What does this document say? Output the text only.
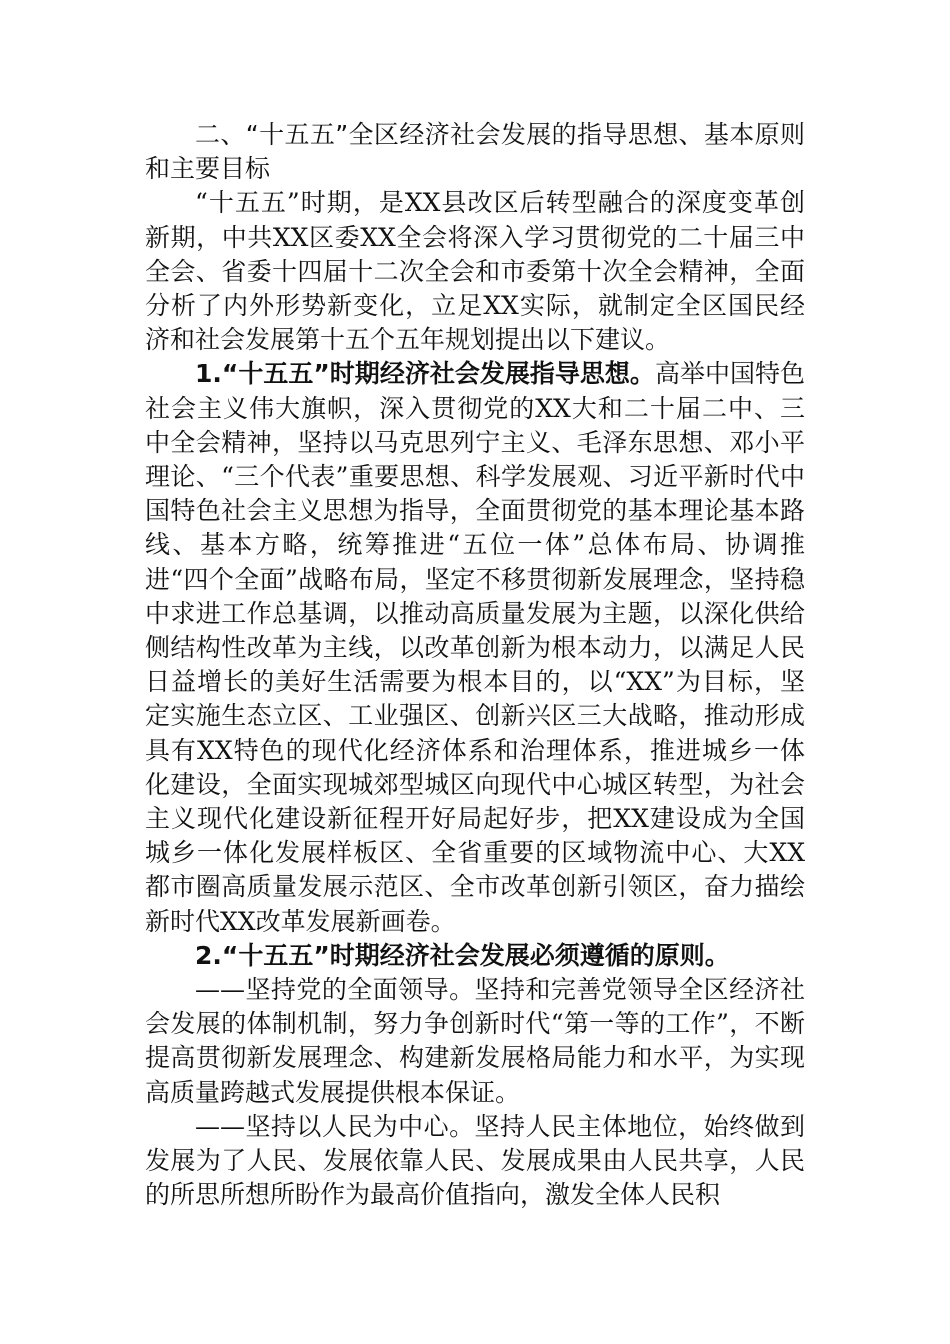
二、“十五五”全区经济社会发展的指导思想、基本原则和主要目标

“十五五”时期，是XX县改区后转型融合的深度变革创新期，中共XX区委XX全会将深入学习贯彻党的二十届三中全会、省委十四届十二次全会和市委第十次全会精神，全面分析了内外形势新变化，立足XX实际，就制定全区国民经济和社会发展第十五个五年规划提出以下建议。

1.“十五五”时期经济社会发展指导思想。高举中国特色社会主义伟大旗帜，深入贯彻党的XX大和二十届二中、三中全会精神，坚持以马克思列宁主义、毛泽东思想、邓小平理论、“三个代表”重要思想、科学发展观、习近平新时代中国特色社会主义思想为指导，全面贯彻党的基本理论基本路线、基本方略，统筹推进“五位一体”总体布局、协调推进“四个全面”战略布局，坚定不移贯彻新发展理念，坚持稳中求进工作总基调，以推动高质量发展为主题，以深化供给侧结构性改革为主线，以改革创新为根本动力，以满足人民日益增长的美好生活需要为根本目的，以“XX”为目标，坚定实施生态立区、工业强区、创新兴区三大战略，推动形成具有XX特色的现代化经济体系和治理体系，推进城乡一体化建设，全面实现城郊型城区向现代中心城区转型，为社会主义现代化建设新征程开好局起好步，把XX建设成为全国城乡一体化发展样板区、全省重要的区域物流中心、大XX都市圈高质量发展示范区、全市改革创新引领区，奋力描绘新时代XX改革发展新画卷。

2.“十五五”时期经济社会发展必须遵循的原则。

——坚持党的全面领导。坚持和完善党领导全区经济社会发展的体制机制，努力争创新时代“第一等的工作”，不断提高贯彻新发展理念、构建新发展格局能力和水平，为实现高质量跨越式发展提供根本保证。

——坚持以人民为中心。坚持人民主体地位，始终做到发展为了人民、发展依靠人民、发展成果由人民共享，人民的所思所想所盼作为最高价值指向，激发全体人民积
